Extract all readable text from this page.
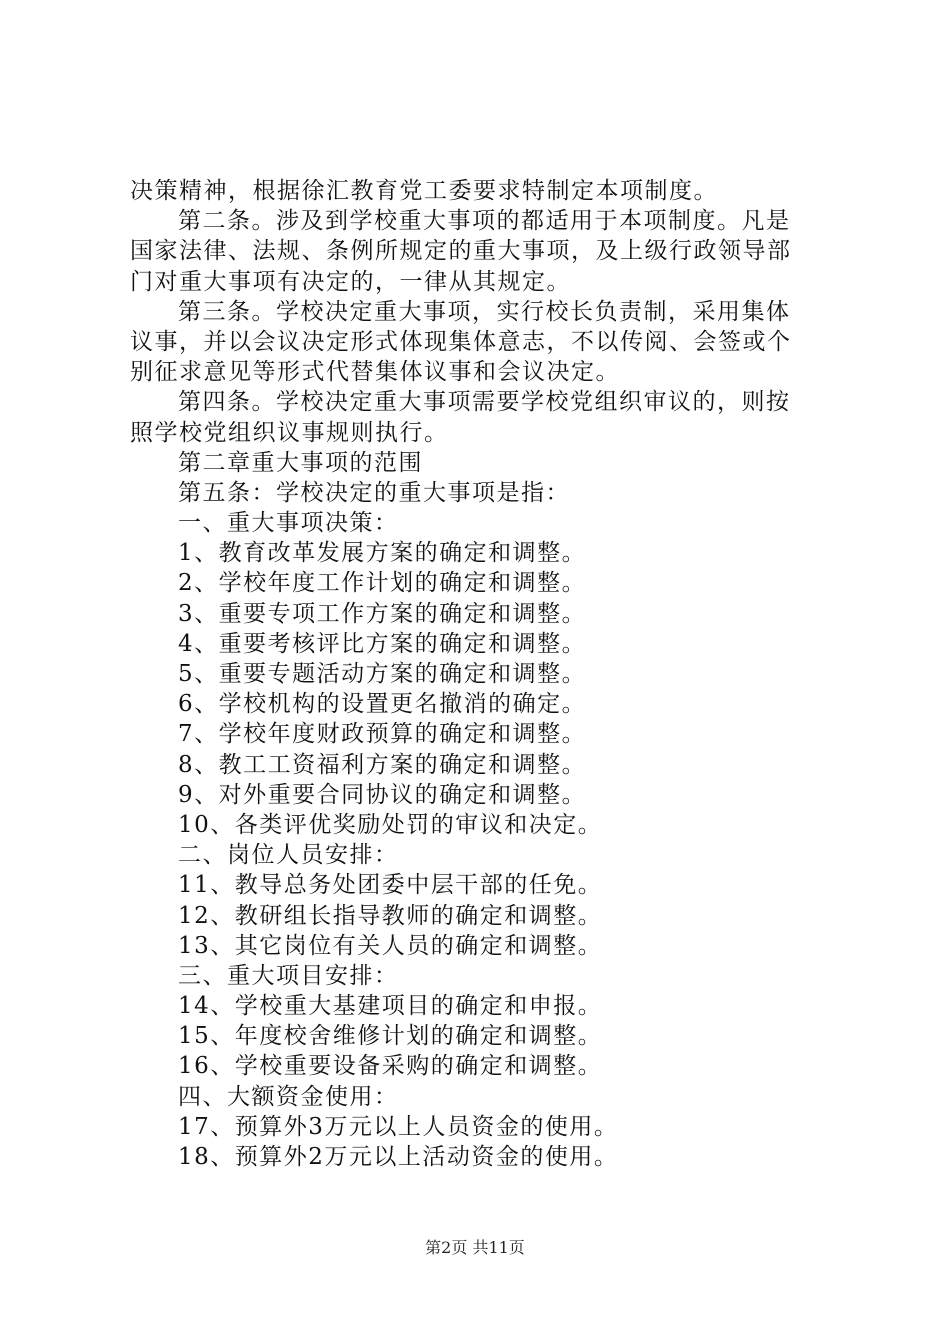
决策精神，根据徐汇教育党工委要求特制定本项制度。
第二条。涉及到学校重大事项的都适用于本项制度。凡是
国家法律、法规、条例所规定的重大事项，及上级行政领导部
门对重大事项有决定的，一律从其规定。
第三条。学校决定重大事项，实行校长负责制，采用集体
议事，并以会议决定形式体现集体意志，不以传阅、会签或个
别征求意见等形式代替集体议事和会议决定。
第四条。学校决定重大事项需要学校党组织审议的，则按
照学校党组织议事规则执行。
第二章重大事项的范围
第五条：学校决定的重大事项是指：
一、重大事项决策：
1、教育改革发展方案的确定和调整。
2、学校年度工作计划的确定和调整。
3、重要专项工作方案的确定和调整。
4、重要考核评比方案的确定和调整。
5、重要专题活动方案的确定和调整。
6、学校机构的设置更名撤消的确定。
7、学校年度财政预算的确定和调整。
8、教工工资福利方案的确定和调整。
9、对外重要合同协议的确定和调整。
10、各类评优奖励处罚的审议和决定。
二、岗位人员安排：
11、教导总务处团委中层干部的任免。
12、教研组长指导教师的确定和调整。
13、其它岗位有关人员的确定和调整。
三、重大项目安排：
14、学校重大基建项目的确定和申报。
15、年度校舍维修计划的确定和调整。
16、学校重要设备采购的确定和调整。
四、大额资金使用：
17、预算外3万元以上人员资金的使用。
18、预算外2万元以上活动资金的使用。
第2页 共11页
